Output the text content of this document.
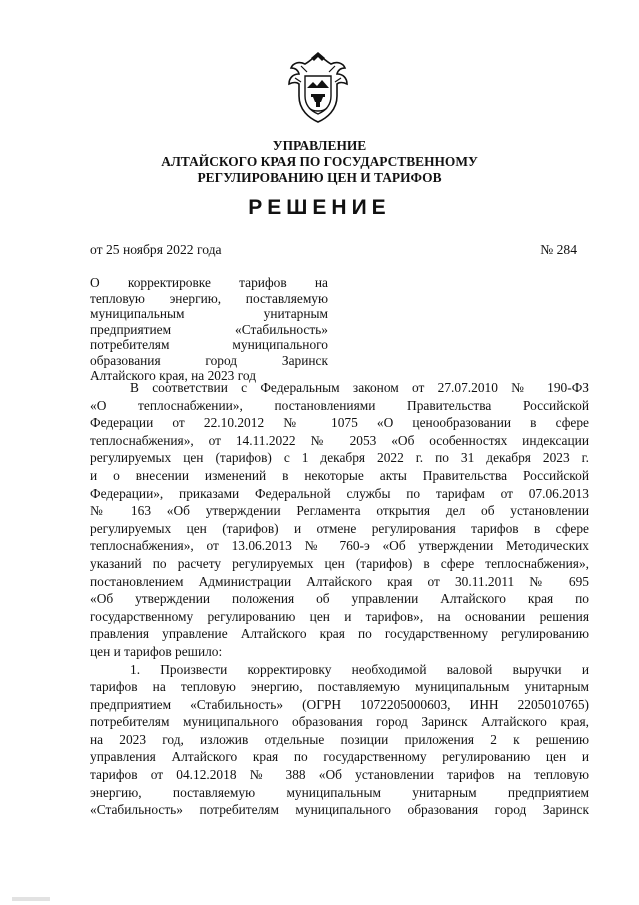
УПРАВЛЕНИЕ
АЛТАЙСКОГО КРАЯ ПО ГОСУДАРСТВЕННОМУ
РЕГУЛИРОВАНИЮ ЦЕН И ТАРИФОВ
РЕШЕНИЕ
от 25 ноября 2022 года	№ 284
О корректировке тарифов на
тепловую энергию, поставляемую
муниципальным унитарным
предприятием «Стабильность»
потребителям муниципального
образования город Заринск
Алтайского края, на 2023 год
В соответствии с Федеральным законом от 27.07.2010 № 190-ФЗ
«О теплоснабжении», постановлениями Правительства Российской
Федерации от 22.10.2012 № 1075 «О ценообразовании в сфере
теплоснабжения», от 14.11.2022 № 2053 «Об особенностях индексации
регулируемых цен (тарифов) с 1 декабря 2022 г. по 31 декабря 2023 г.
и о внесении изменений в некоторые акты Правительства Российской
Федерации», приказами Федеральной службы по тарифам от 07.06.2013
№ 163 «Об утверждении Регламента открытия дел об установлении
регулируемых цен (тарифов) и отмене регулирования тарифов в сфере
теплоснабжения», от 13.06.2013 № 760-э «Об утверждении Методических
указаний по расчету регулируемых цен (тарифов) в сфере теплоснабжения»,
постановлением Администрации Алтайского края от 30.11.2011 № 695
«Об утверждении положения об управлении Алтайского края по
государственному регулированию цен и тарифов», на основании решения
правления управление Алтайского края по государственному регулированию
цен и тарифов решило:
1. Произвести корректировку необходимой валовой выручки и
тарифов на тепловую энергию, поставляемую муниципальным унитарным
предприятием «Стабильность» (ОГРН 1072205000603, ИНН 2205010765)
потребителям муниципального образования город Заринск Алтайского края,
на 2023 год, изложив отдельные позиции приложения 2 к решению
управления Алтайского края по государственному регулированию цен и
тарифов от 04.12.2018 № 388 «Об установлении тарифов на тепловую
энергию, поставляемую муниципальным унитарным предприятием
«Стабильность» потребителям муниципального образования город Заринск
